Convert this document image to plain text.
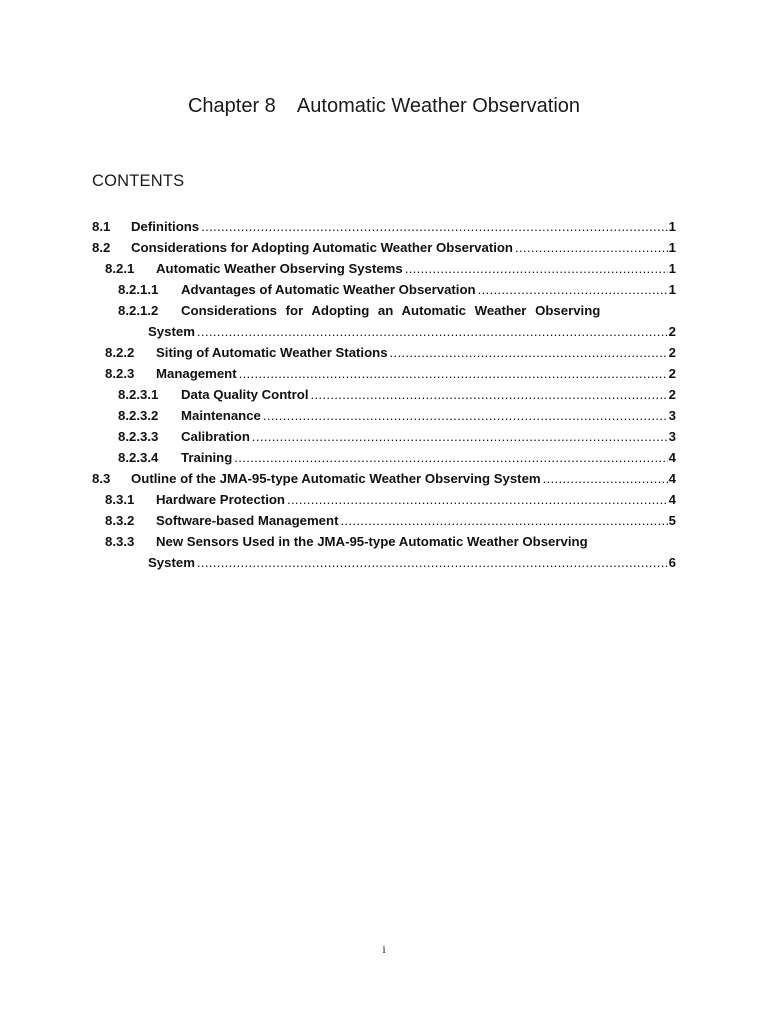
Chapter 8    Automatic Weather Observation
CONTENTS
8.1	Definitions .....	1
8.2	Considerations for Adopting Automatic Weather Observation .....	1
8.2.1	Automatic Weather Observing Systems .....	1
8.2.1.1	Advantages of Automatic Weather Observation .....	1
8.2.1.2	Considerations for Adopting an Automatic Weather Observing
System .....	2
8.2.2	Siting of Automatic Weather Stations .....	2
8.2.3	Management .....	2
8.2.3.1	Data Quality Control .....	2
8.2.3.2	Maintenance .....	3
8.2.3.3	Calibration .....	3
8.2.3.4	Training .....	4
8.3	Outline of the JMA-95-type Automatic Weather Observing System .....	4
8.3.1	Hardware Protection .....	4
8.3.2	Software-based Management .....	5
8.3.3	New Sensors Used in the JMA-95-type Automatic Weather Observing
System .....	6
i
